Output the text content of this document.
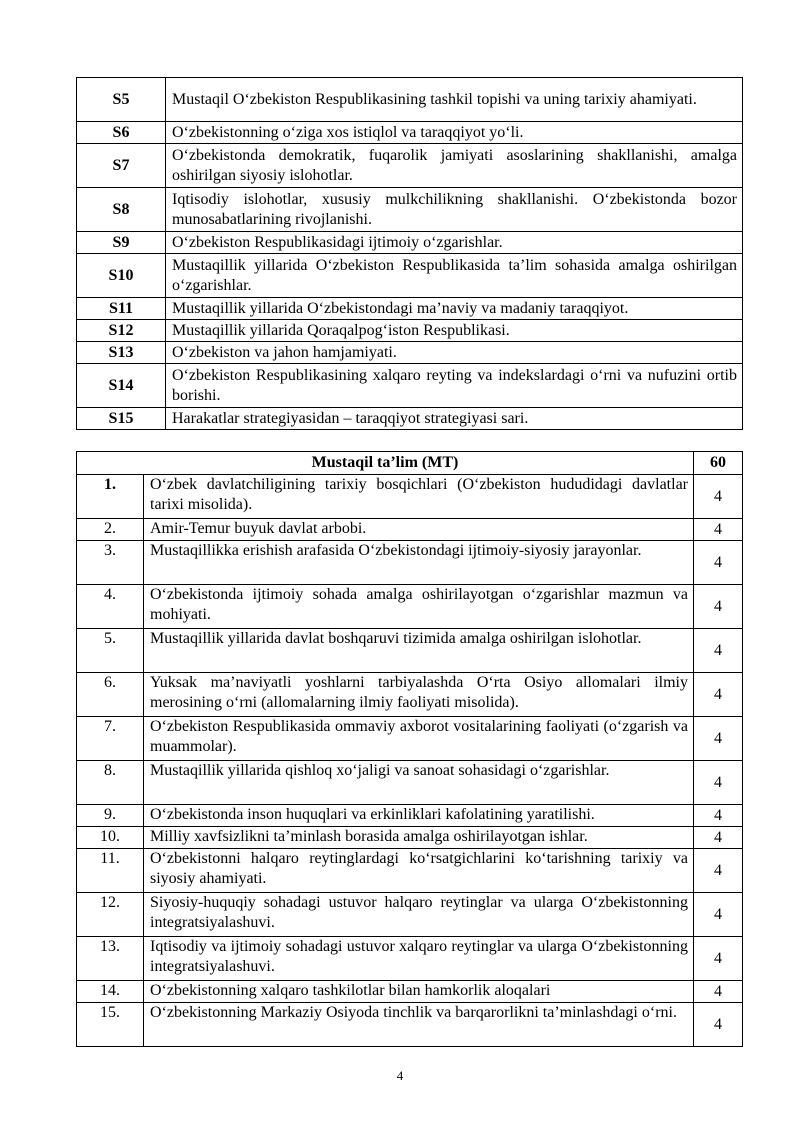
S5	Mustaqil O‘zbekiston Respublikasining tashkil topishi va uning tarixiy ahamiyati.
S6	O‘zbekistonning o‘ziga xos istiqlol va taraqqiyot yo‘li.
S7	O‘zbekistonda demokratik, fuqarolik jamiyati asoslarining shakllanishi, amalga oshirilgan siyosiy islohotlar.
S8	Iqtisodiy islohotlar, xususiy mulkchilikning shakllanishi. O‘zbekistonda bozor munosabatlarining rivojlanishi.
S9	O‘zbekiston Respublikasidagi ijtimoiy o‘zgarishlar.
S10	Mustaqillik yillarida O‘zbekiston Respublikasida ta’lim sohasida amalga oshirilgan o‘zgarishlar.
S11	Mustaqillik yillarida O‘zbekistondagi ma’naviy va madaniy taraqqiyot.
S12	Mustaqillik yillarida Qoraqalpog‘iston Respublikasi.
S13	O‘zbekiston va jahon hamjamiyati.
S14	O‘zbekiston Respublikasining xalqaro reyting va indekslardagi o‘rni va nufuzini ortib borishi.
S15	Harakatlar strategiyasidan – taraqqiyot strategiyasi sari.
Mustaqil ta’lim (MT)		60
1.	O‘zbek davlatchiligining tarixiy bosqichlari (O‘zbekiston hududidagi davlatlar tarixi misolida).	4
2.	Amir-Temur buyuk davlat arbobi.	4
3.	Mustaqillikka erishish arafasida O‘zbekistondagi ijtimoiy-siyosiy jarayonlar.	4
4.	O‘zbekistonda ijtimoiy sohada amalga oshirilayotgan o‘zgarishlar mazmun va mohiyati.	4
5.	Mustaqillik yillarida davlat boshqaruvi tizimida amalga oshirilgan islohotlar.	4
6.	Yuksak ma’naviyatli yoshlarni tarbiyalashda O‘rta Osiyo allomalari ilmiy merosining o‘rni (allomalarning ilmiy faoliyati misolida).	4
7.	O‘zbekiston Respublikasida ommaviy axborot vositalarining faoliyati (o‘zgarish va muammolar).	4
8.	Mustaqillik yillarida qishloq xo‘jaligi va sanoat sohasidagi o‘zgarishlar.	4
9.	O‘zbekistonda inson huquqlari va erkinliklari kafolatining yaratilishi.	4
10.	Milliy xavfsizlikni ta’minlash borasida amalga oshirilayotgan ishlar.	4
11.	O‘zbekistonni halqaro reytinglardagi ko‘rsatgichlarini ko‘tarishning tarixiy va siyosiy ahamiyati.	4
12.	Siyosiy-huquqiy sohadagi ustuvor halqaro reytinglar va ularga O‘zbekistonning integratsiyalashuvi.	4
13.	Iqtisodiy va ijtimoiy sohadagi ustuvor xalqaro reytinglar va ularga O‘zbekistonning integratsiyalashuvi.	4
14.	O‘zbekistonning xalqaro tashkilotlar bilan hamkorlik aloqalari	4
15.	O‘zbekistonning Markaziy Osiyoda tinchlik va barqarorlikni ta’minlashdagi o‘rni.	4
4
